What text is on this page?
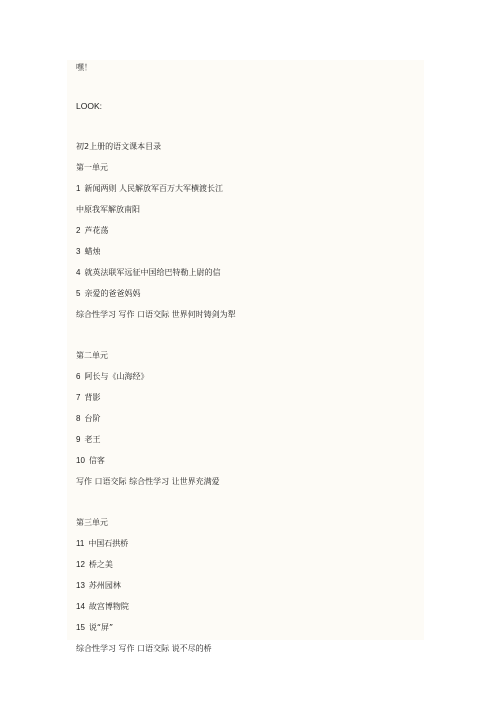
嘿！
LOOK:
初2上册的语文课本目录
第一单元
1 新闻两则 人民解放军百万大军横渡长江
中原我军解放南阳
2 芦花荡
3 蜡烛
4 就英法联军远征中国给巴特勒上尉的信
5 亲爱的爸爸妈妈
综合性学习 写作 口语交际 世界何时铸剑为犁
第二单元
6 阿长与《山海经》
7 背影
8 台阶
9 老王
10 信客
写作 口语交际 综合性学习 让世界充满爱
第三单元
11 中国石拱桥
12 桥之美
13 苏州园林
14 故宫博物院
15 说“屏”
综合性学习 写作 口语交际 说不尽的桥
